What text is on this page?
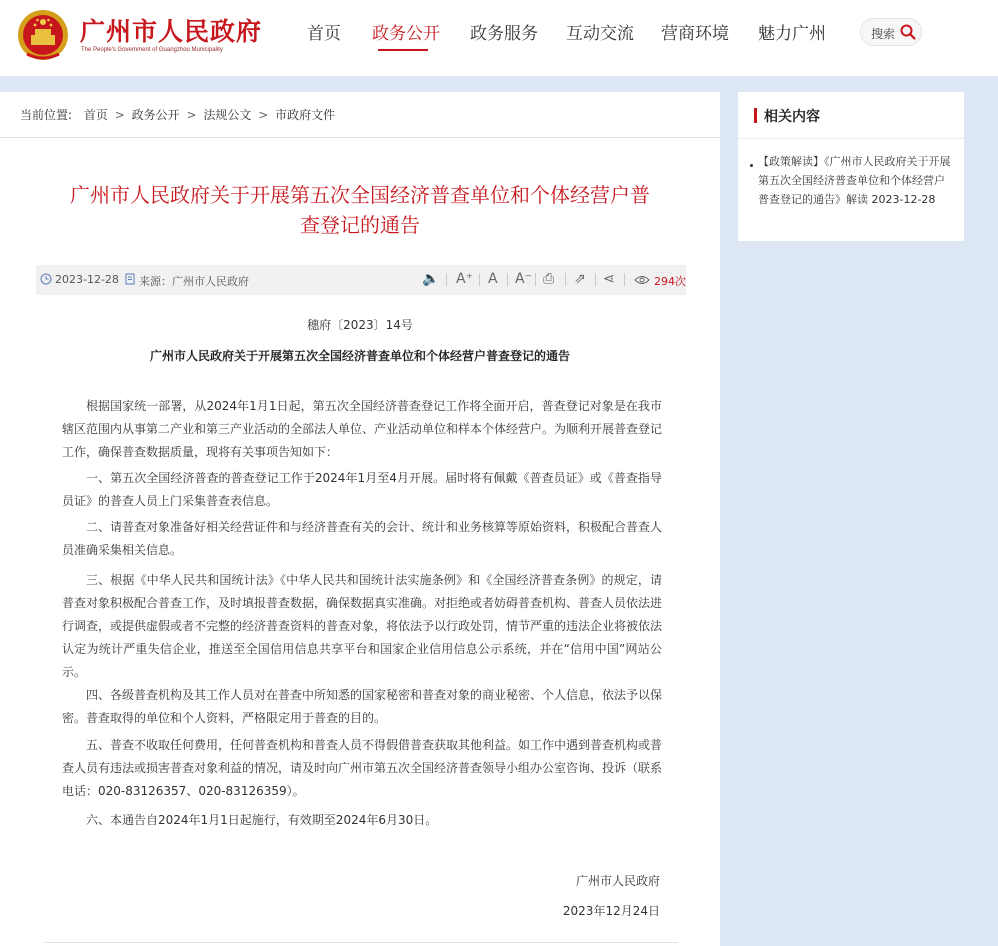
广州市人民政府
The People's Government of Guangzhou Municipality
首页 政务公开 政务服务 互动交流 营商环境 魅力广州	搜索
当前位置: 首页 > 政务公开 > 法规公文 > 市政府文件
广州市人民政府关于开展第五次全国经济普查单位和个体经营户普查登记的通告
2023-12-28 来源：广州市人民政府	🔈 A⁺ A A⁻ ⎙ ⇗ ⋖	294次
穗府〔2023〕14号
广州市人民政府关于开展第五次全国经济普查单位和个体经营户普查登记的通告

根据国家统一部署，从2024年1月1日起，第五次全国经济普查登记工作将全面开启，普查登记对象是在我市辖区范围内从事第二产业和第三产业活动的全部法人单位、产业活动单位和样本个体经营户。为顺利开展普查登记工作，确保普查数据质量，现将有关事项告知如下：

一、第五次全国经济普查的普查登记工作于2024年1月至4月开展。届时将有佩戴《普查员证》或《普查指导员证》的普查人员上门采集普查表信息。

二、请普查对象准备好相关经营证件和与经济普查有关的会计、统计和业务核算等原始资料，积极配合普查人员准确采集相关信息。

三、根据《中华人民共和国统计法》《中华人民共和国统计法实施条例》和《全国经济普查条例》的规定，请普查对象积极配合普查工作，及时填报普查数据，确保数据真实准确。对拒绝或者妨碍普查机构、普查人员依法进行调查，或提供虚假或者不完整的经济普查资料的普查对象，将依法予以行政处罚，情节严重的违法企业将被依法认定为统计严重失信企业，推送至全国信用信息共享平台和国家企业信用信息公示系统，并在“信用中国”网站公示。

四、各级普查机构及其工作人员对在普查中所知悉的国家秘密和普查对象的商业秘密、个人信息，依法予以保密。普查取得的单位和个人资料，严格限定用于普查的目的。

五、普查不收取任何费用，任何普查机构和普查人员不得假借普查获取其他利益。如工作中遇到普查机构或普查人员有违法或损害普查对象利益的情况，请及时向广州市第五次全国经济普查领导小组办公室咨询、投诉（联系电话：020-83126357、020-83126359）。

六、本通告自2024年1月1日起施行，有效期至2024年6月30日。

广州市人民政府
2023年12月24日
相关内容
【政策解读】《广州市人民政府关于开展第五次全国经济普查单位和个体经营户普查登记的通告》解读 2023-12-28
